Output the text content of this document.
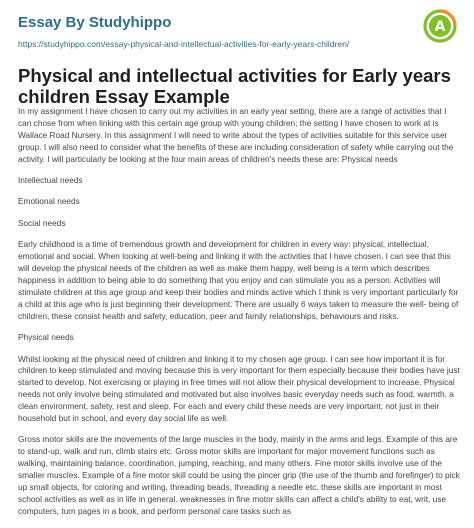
Essay By Studyhippo
https://studyhippo.com/essay-physical-and-intellectual-activities-for-early-years-children/
A
Physical and intellectual activities for Early years children Essay Example

In my assignment I have chosen to carry out my activities in an early year setting, there are a range of activities that I can chose from when linking with this certain age group with young children; the setting I have chosen to work at is Wallace Road Nursery. In this assignment I will need to write about the types of activities suitable for this service user group. I will also need to consider what the benefits of these are including consideration of safety while carrying out the activity. I will particularly be looking at the four main areas of children's needs these are: Physical needs

Intellectual needs

Emotional needs

Social needs

Early childhood is a time of tremendous growth and development for children in every way: physical, intellectual, emotional and social. When looking at well-being and linking it with the activities that I have chosen, I can see that this will develop the physical needs of the children as well as make them happy, well being is a term which describes happiness in addition to being able to do something that you enjoy and can stimulate you as a person. Activities will stimulate children at this age group and keep their bodies and minds active which I think is very important particularly for a child at this age who is just beginning their development. There are usually 6 ways taken to measure the well- being of children, these consist health and safety, education, peer and family relationships, behaviours and risks.

Physical needs

Whilst looking at the physical need of children and linking it to my chosen age group. I can see how important it is for children to keep stimulated and moving because this is very important for them especially because their bodies have just started to develop. Not exercising or playing in free times will not allow their physical development to increase. Physical needs not only involve being stimulated and motivated but also involves basic everyday needs such as food, warmth, a clean environment, safety, rest and sleep. For each and every child these needs are very important, not just in their household but in school, and every day social life as well.

Gross motor skills are the movements of the large muscles in the body, mainly in the arms and legs. Example of this are to stand-up, walk and run, climb stairs etc. Gross motor skills are important for major movement functions such as walking, maintaining balance, coordination, jumping, reaching, and many others. Fine motor skills involve use of the smaller muscles. Example of a fine motor skill could be using the pincer grip (the use of the thumb and forefinger) to pick up small objects, for coloring and writing, threading beads, threading a needle etc. these skills are important in most school activities as well as in life in general. weaknesses in fine motor skills can affect a child's ability to eat, writ, use computers, turn pages in a book, and perform personal care tasks such as
